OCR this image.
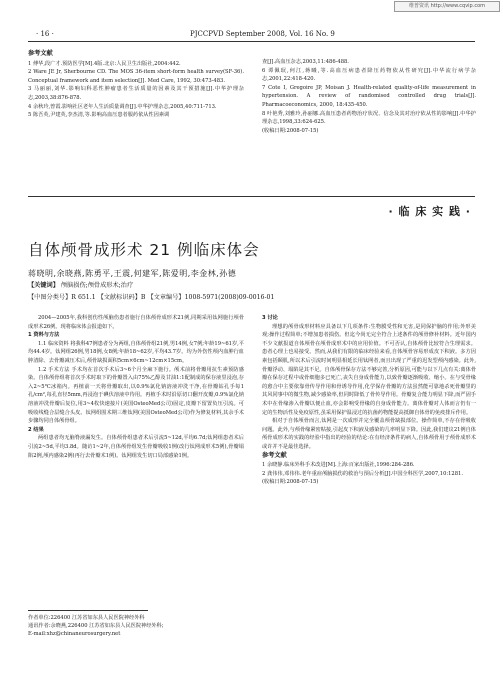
维普资讯 http://www.cqvip.com
· 16 ·	PJCCPVD September 2008, Vol. 16 No. 9
参考文献

1 傅华,段广才.预防医学[M].4版.北京:人民卫生出版社,2004:442.

2 Ware JE Jr, Sherbourne CD. The MOS 36-item short-form health survey(SF-36). Conceptual framework and item selection[J]. Med Care, 1992, 30:473-483.

3 马丽丽,刘华.影响妇科恶性肿瘤患者生活质量的因素及其干预措施[J].中华护理杂志,2003,38:876-878.

4 余秋玲,曾霞.影响社区老年人生活质量调查[J].中华护理杂志,2005,40:711-713.

5 陈吾英,尹建英,李杰清,等.影响高血压患者服药依从性因素调

查[J].高血压杂志,2003,11:486-488.

6 谭佩珉,何江,蒋曦,等.高血压病患者降压药物依从性研究[J].中华流行病学杂志,2001,22:418-420.

7 Cote I, Gregoire JP, Moisan J. Health-related quality-of-life measurement in hypertension. A review of randomised controlled drug trials[J]. Pharmacoeconomics, 2000, 18:435-450.

8 叶艳秀,刘雅玲,孙丽娜.高血压患者药物治疗状况、信念及其对治疗依从性的影响[J].中华护理杂志,1998,33:624-625.

(收稿日期:2008-07-15)

· 临 床 实 践 ·
自体颅骨成形术 21 例临床体会
蒋晓明,余晓燕,陈勇平,王震,何建军,陈爱明,李金林,孙德
【关键词】 颅脑损伤;颅骨成形术;治疗
【中图分类号】R 651.1 【文献标识码】B 【文章编号】1008-5971(2008)09-0016-01

2004—2005年,我科创伤性颅脑伤患者施行自体颅骨成形术21例,同期采用钛网施行颅骨成形术26例。现将临床体会报道如下。

1 资料与方法

1.1 临床资料 将我科47例患者分为两组,自体颅骨组21例,男14例,女7例;年龄19~61岁,平均44.4岁。钛网组26例,男18例,女8例;年龄18~62岁,平均43.7岁。均为外伤性颅内血肿行血肿清除、去骨瓣减压术后,颅骨缺损面积5cm×6cm~12cm×15cm。

1.2 手术方法 手术均在首次手术后3~6个月全麻下施行。颅术前将骨瓣用抗生素预防感染。自体颅骨组将首次手术时取下的骨瓣置入由75%乙醇及甘油1:1配制成的保存液里浸泡,存入2~5℃冰箱内。再植前一天将骨瓣取出,以0.9%氯化钠溶液冲洗干净,在骨瓣钻孔手每1孔/cm²,每孔直径5mm,再浸泡于碘伏溶液中待用。再植手术时沿原切口翻开皮瓣,0.9%氯化钠溶液冲洗骨瓣后复位,用3~4枚快速接片(美国OsteoMed公司)固定,皮瓣下留置负压引流。可吸收线缝合层缝合头皮。钛网组围术期三维钛网(美国OsteoMed公司)作为修复材料,其余手术步骤均同自体颅骨组。

2 结果

两组患者均无脑脊液漏发生。自体颅骨组患者术后引流5~12d,平均6.7d;钛网组患者术后引流2~5d,平均3.8d。随访1~2年,自体颅骨组发生骨瓣吸收1例(改行钛网成形术5例),骨瓣塌陷2例,颅内感染2例(再行去骨瓣术1例)。钛网组发生切口局部感染1例。

3 讨论

理想的颅骨成形材料应具备以下几项条件:生物膜受性和无害,是同保护脑的作用;外形美观;操作过程简单;不增加患者损伤。但迄今尚无完全符合上述条件的颅骨修补材料。近年国内不少文献报道自体颅骨在颅骨成形术中的应用价值。不可否认,自体颅骨比较符合生理需求。患者心理上也易接受。然而,从我们有限的临床经验来看,自体颅骨容易形成皮下积液。多方因素包括颞肌,所以术后引流时间明显相延长用钛网者,而且出现了严重的迟发型颅内感染。此外,骨瓣浮动、塌陷是其不足。自体颅骨保存方法不够完善,分析原因,可能与以下几点有关:离体骨瓣在保存过程中或骨细胞多已死亡,丧失自身成骨能力,以致骨瓣逐渐吸收、缩小。在与受骨缘的愈合中主要依靠骨传导作用和骨诱导作用,化学保存骨瓣的方法虽然能可靠地杀死骨瓣里的其风同事中的微生物,减少感染率,但同时降低了骨传导作用。骨瓣复合能力明显下降,而严固手术中在骨缘渗入骨瓣以便止血,亦会影响受骨缘的自身成骨能力。离体骨瓣对人体而言仍有一定的生物活性及免疫原性,虽采用保护温浸过的抗菌药物能提高抵御自体骨的免疫排斥作用。

相对于自体颅骨而言,钛网是一次成形并完全覆盖颅骨缺损部位。操作简单,不存在骨吸收问题。此外,与颅骨缘紧密粘接,引起皮下积液及感染的几率明显下降。因此,我们建议21例自体颅骨成形术的实践的经验中指出的经验的结论:在有经济条件的病人,自体颅骨用于颅骨成形术或许并不是最佳选择。

参考文献

1 余晓静.临床外科手术改进[M].上海:百家出版社,1996:284-286.

2 龚伟伟,邓伟伟.老年重症颅脑损伤的救治与预后分析[J].中国全科医学,2007,10:1281.

(收稿日期:2008-07-15)

作者单位:226400 江苏省如东县人民医院神经外科
通讯作者:余晓燕,226400 江苏省如东县人民医院神经外科;
E-mail:xhz@chinaneurosurgery.net
